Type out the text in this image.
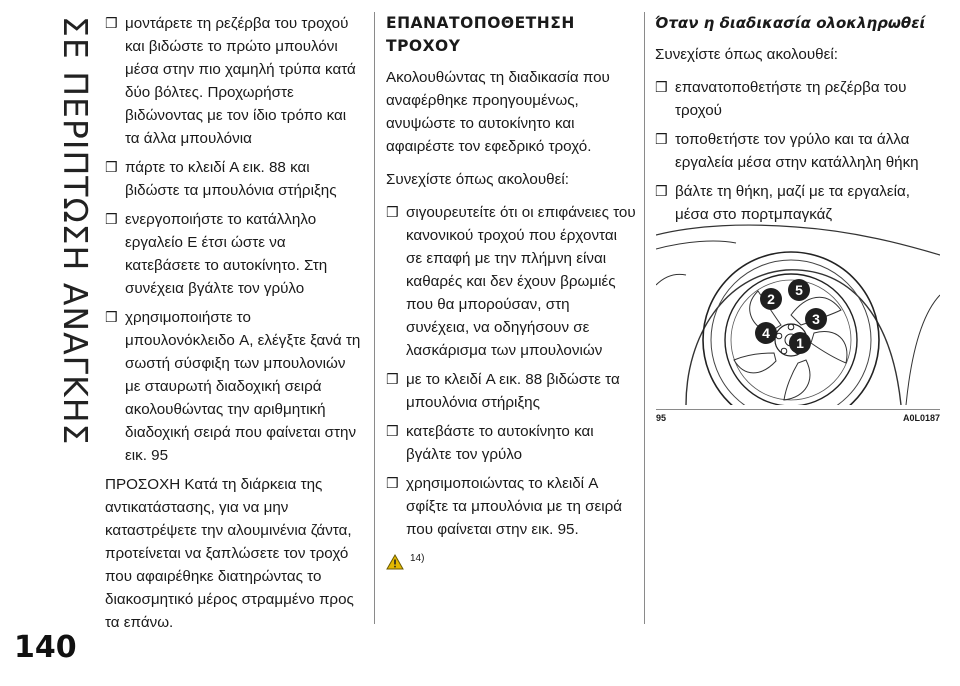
ΣΕ ΠΕΡΙΠΤΩΣΗ ΑΝΑΓΚΗΣ
140
❒ μοντάρετε τη ρεζέρβα του τροχού και βιδώστε το πρώτο μπουλόνι μέσα στην πιο χαμηλή τρύπα κατά δύο βόλτες. Προχωρήστε βιδώνοντας με τον ίδιο τρόπο και τα άλλα μπουλόνια
❒ πάρτε το κλειδί A εικ. 88 και βιδώστε τα μπουλόνια στήριξης
❒ ενεργοποιήστε το κατάλληλο εργαλείο E έτσι ώστε να κατεβάσετε το αυτοκίνητο. Στη συνέχεια βγάλτε τον γρύλο
❒ χρησιμοποιήστε το μπουλονόκλειδο A, ελέγξτε ξανά τη σωστή σύσφιξη των μπουλονιών με σταυρωτή διαδοχική σειρά ακολουθώντας την αριθμητική διαδοχική σειρά που φαίνεται στην εικ. 95

ΠΡΟΣΟΧΗ Κατά τη διάρκεια της αντικατάστασης, για να μην καταστρέψετε την αλουμινένια ζάντα, προτείνεται να ξαπλώσετε τον τροχό που αφαιρέθηκε διατηρώντας το διακοσμητικό μέρος στραμμένο προς τα επάνω.

ΕΠΑΝΑΤΟΠΟΘΕΤΗΣΗ ΤΡΟΧΟΥ

Ακολουθώντας τη διαδικασία που αναφέρθηκε προηγουμένως, ανυψώστε το αυτοκίνητο και αφαιρέστε τον εφεδρικό τροχό.

Συνεχίστε όπως ακολουθεί:

❒ σιγουρευτείτε ότι οι επιφάνειες του κανονικού τροχού που έρχονται σε επαφή με την πλήμνη είναι καθαρές και δεν έχουν βρωμιές που θα μπορούσαν, στη συνέχεια, να οδηγήσουν σε λασκάρισμα των μπουλονιών
❒ με το κλειδί A εικ. 88 βιδώστε τα μπουλόνια στήριξης
❒ κατεβάστε το αυτοκίνητο και βγάλτε τον γρύλο
❒ χρησιμοποιώντας το κλειδί A σφίξτε τα μπουλόνια με τη σειρά που φαίνεται στην εικ. 95.
14)
Όταν η διαδικασία ολοκληρωθεί

Συνεχίστε όπως ακολουθεί:

❒ επανατοποθετήστε τη ρεζέρβα του τροχού
❒ τοποθετήστε τον γρύλο και τα άλλα εργαλεία μέσα στην κατάλληλη θήκη
❒ βάλτε τη θήκη, μαζί με τα εργαλεία, μέσα στο πορτμπαγκάζ
1
2
3
4
5
95	A0L0187
